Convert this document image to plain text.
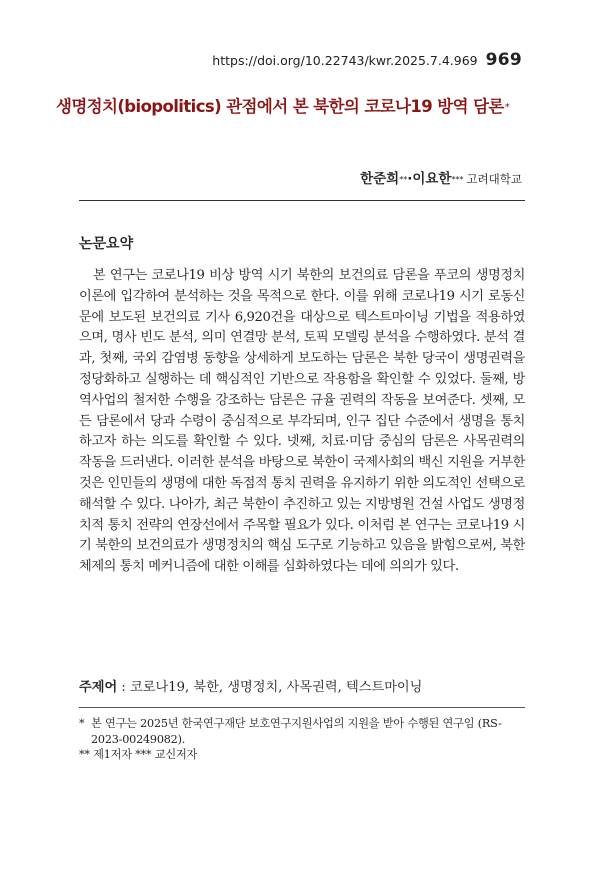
https://doi.org/10.22743/kwr.2025.7.4.969 969
생명정치(biopolitics) 관점에서 본 북한의 코로나19 방역 담론*
한준희**·이요한*** 고려대학교
논문요약

본 연구는 코로나19 비상 방역 시기 북한의 보건의료 담론을 푸코의 생명정치 이론에 입각하여 분석하는 것을 목적으로 한다. 이를 위해 코로나19 시기 로동신문에 보도된 보건의료 기사 6,920건을 대상으로 텍스트마이닝 기법을 적용하였으며, 명사 빈도 분석, 의미 연결망 분석, 토픽 모델링 분석을 수행하였다. 분석 결과, 첫째, 국외 감염병 동향을 상세하게 보도하는 담론은 북한 당국이 생명권력을 정당화하고 실행하는 데 핵심적인 기반으로 작용함을 확인할 수 있었다. 둘째, 방역사업의 철저한 수행을 강조하는 담론은 규율 권력의 작동을 보여준다. 셋째, 모든 담론에서 당과 수령이 중심적으로 부각되며, 인구 집단 수준에서 생명을 통치하고자 하는 의도를 확인할 수 있다. 넷째, 치료·미담 중심의 담론은 사목권력의 작동을 드러낸다. 이러한 분석을 바탕으로 북한이 국제사회의 백신 지원을 거부한 것은 인민들의 생명에 대한 독점적 통치 권력을 유지하기 위한 의도적인 선택으로 해석할 수 있다. 나아가, 최근 북한이 추진하고 있는 지방병원 건설 사업도 생명정치적 통치 전략의 연장선에서 주목할 필요가 있다. 이처럼 본 연구는 코로나19 시기 북한의 보건의료가 생명정치의 핵심 도구로 기능하고 있음을 밝힘으로써, 북한 체제의 통치 메커니즘에 대한 이해를 심화하였다는 데에 의의가 있다.

주제어 : 코로나19, 북한, 생명정치, 사목권력, 텍스트마이닝
* 본 연구는 2025년 한국연구재단 보호연구지원사업의 지원을 받아 수행된 연구임 (RS-2023-00249082).
** 제1저자 *** 교신저자
